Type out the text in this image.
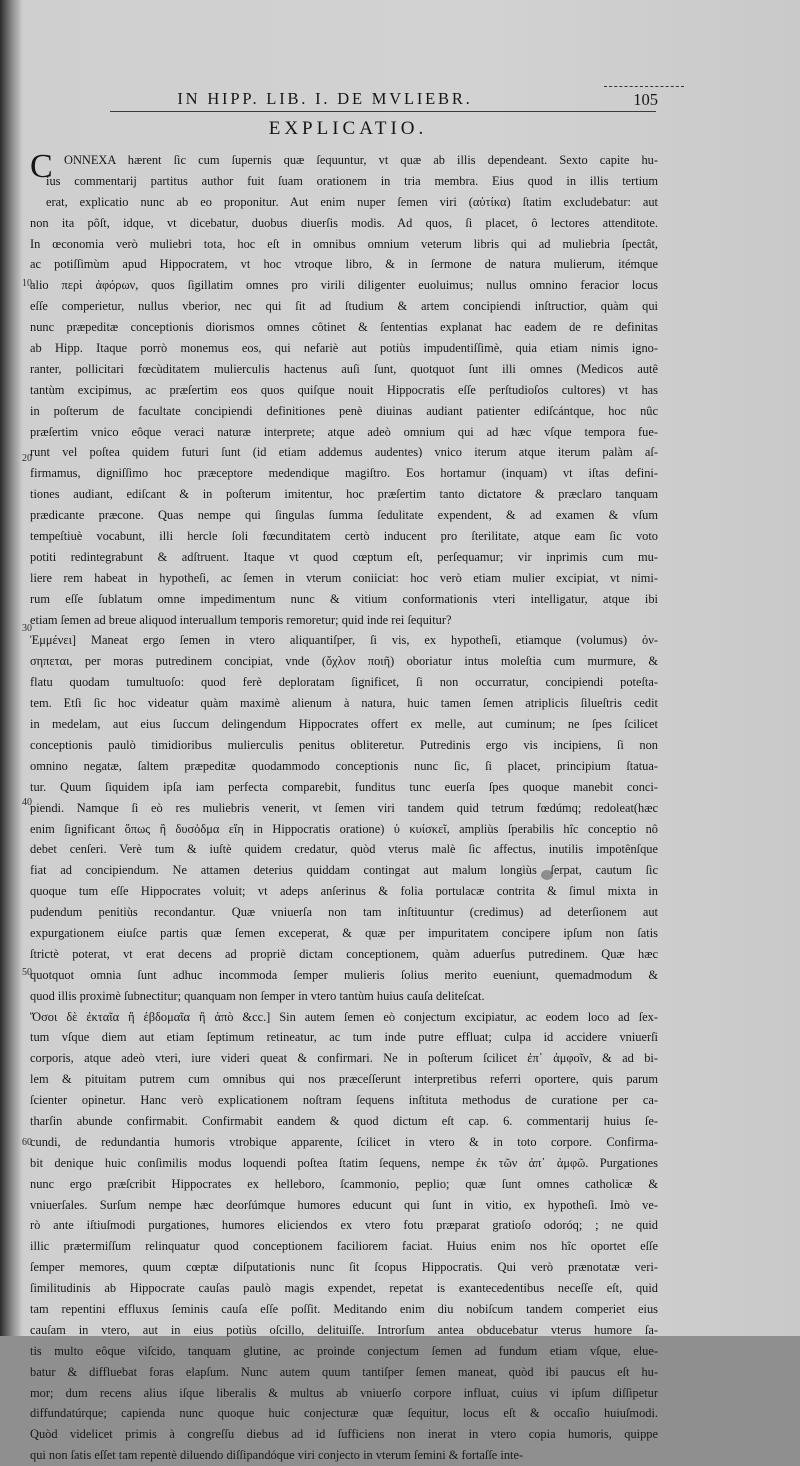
IN HIPP. LIB. I. DE MVLIEBR.	105
EXPLICATIO.
C
10
20
30
40
50
60
ONNEXA hærent ſic cum ſupernis quæ ſequuntur, vt quæ ab illis dependeant. Sexto capite hu-
ius commentarij partitus author fuit ſuam orationem in tria membra. Eius quod in illis tertium
erat, explicatio nunc ab eo proponitur. Aut enim nuper ſemen viri (αὐτίκα) ſtatim excludebatur: aut
non ita pôſt, idque, vt dicebatur, duobus diuerſis modis. Ad quos, ſi placet, ô lectores attenditote.
In œconomia verò muliebri tota, hoc eſt in omnibus omnium veterum libris qui ad muliebria ſpectât,
ac potiſſimùm apud Hippocratem, vt hoc vtroque libro, & in ſermone de natura mulierum, itémque
alio περὶ ἀφόρων, quos ſigillatim omnes pro virili diligenter euoluimus; nullus omnino feracior locus
eſſe comperietur, nullus vberior, nec qui ſit ad ſtudium & artem concipiendi inſtructior, quàm qui
nunc præpeditæ conceptionis diorismos omnes côtinet & ſententias explanat hac eadem de re definitas
ab Hipp. Itaque porrò monemus eos, qui nefariè aut potiùs impudentiſſimè, quia etiam nimis igno-
ranter, pollicitari fœcùditatem mulierculis hactenus auſi ſunt, quotquot ſunt illi omnes (Medicos autê
tantùm excipimus, ac præſertim eos quos quiſque nouit Hippocratis eſſe perſtudioſos cultores) vt has
in poſterum de facultate concipiendi definitiones penè diuinas audiant patienter ediſcántque, hoc nûc
præſertim vnico eôque veraci naturæ interprete; atque adeò omnium qui ad hæc vſque tempora fue-
runt vel poſtea quidem futuri ſunt (id etiam addemus audentes) vnico iterum atque iterum palàm aſ-
firmamus, digniſſimo hoc præceptore medendique magiſtro. Eos hortamur (inquam) vt iſtas defini-
tiones audiant, ediſcant & in poſterum imitentur, hoc præſertim tanto dictatore & præclaro tanquam
prædicante præcone. Quas nempe qui ſingulas ſumma ſedulitate expendent, & ad examen & vſum
tempeſtiuè vocabunt, illi hercle ſoli fœcunditatem certò inducent pro ſterilitate, atque eam ſic voto
potiti redintegrabunt & adſtruent. Itaque vt quod cœptum eſt, perſequamur; vir inprimis cum mu-
liere rem habeat in hypotheſi, ac ſemen in vterum coniiciat: hoc verò etiam mulier excipiat, vt nimi-
rum eſſe ſublatum omne impedimentum nunc & vitium conformationis vteri intelligatur, atque ibi
etiam ſemen ad breue aliquod interuallum temporis remoretur; quid inde rei ſequitur?
Ἐμμένει] Maneat ergo ſemen in vtero aliquantiſper, ſi vis, ex hypotheſi, etiamque (volumus) ὀν-
σηπεται, per moras putredinem concipiat, vnde (ὄχλον ποιῆ) oboriatur intus moleſtia cum murmure, &
flatu quodam tumultuoſo: quod ferè deploratam ſignificet, ſi non occurratur, concipiendi poteſta-
tem. Etſi ſic hoc videatur quàm maximè alienum à natura, huic tamen ſemen atriplicis ſilueſtris cedit
in medelam, aut eius ſuccum delingendum Hippocrates offert ex melle, aut cuminum; ne ſpes ſcilicet
conceptionis paulò timidioribus mulierculis penitus obliteretur. Putredinis ergo vis incipiens, ſi non
omnino negatæ, ſaltem præpeditæ quodammodo conceptionis nunc ſic, ſi placet, principium ſtatua-
tur. Quum ſiquidem ipſa iam perfecta comparebit, funditus tunc euerſa ſpes quoque manebit conci-
piendi. Namque ſi eò res muliebris venerit, vt ſemen viri tandem quid tetrum fœdúmq; redoleat(hæc
enim ſignificant ὅπως ἢ δυσὀδμα εἴη in Hippocratis oratione) ὑ κυίσκεῖ, ampliùs ſperabilis hîc conceptio nô
debet cenſeri. Verè tum & iuſtè quidem credatur, quòd vterus malè ſic affectus, inutilis impotênſque
fiat ad concipiendum. Ne attamen deterius quiddam contingat aut malum longiùs ſerpat, cautum ſic
quoque tum eſſe Hippocrates voluit; vt adeps anſerinus & folia portulacæ contrita & ſimul mixta in
pudendum penitiùs recondantur. Quæ vniuerſa non tam inſtituuntur (credimus) ad deterſionem aut
expurgationem eiuſce partis quæ ſemen exceperat, & quæ per impuritatem concipere ipſum non ſatis
ſtrictè poterat, vt erat decens ad propriè dictam conceptionem, quàm aduerſus putredinem. Quæ hæc
quotquot omnia ſunt adhuc incommoda ſemper mulieris ſolius merito eueniunt, quemadmodum &
quod illis proximè ſubnectitur; quanquam non ſemper in vtero tantùm huius cauſa deliteſcat.
Ὅσοι δὲ ἐκταῖα ἢ ἑβδομαῖα ἢ ἀπὸ &cc.] Sin autem ſemen eò conjectum excipiatur, ac eodem loco ad ſex-
tum vſque diem aut etiam ſeptimum retineatur, ac tum inde putre effluat; culpa id accidere vniuerſi
corporis, atque adeò vteri, iure videri queat & confirmari. Ne in poſterum ſcilicet ἐπ᾽ ἀμφοῖν, & ad bi-
lem & pituitam putrem cum omnibus qui nos præceſſerunt interpretibus referri oportere, quis parum
ſcienter opinetur. Hanc verò explicationem noſtram ſequens inſtituta methodus de curatione per ca-
tharſin abunde confirmabit. Confirmabit eandem & quod dictum eſt cap. 6. commentarij huius ſe-
cundi, de redundantia humoris vtrobique apparente, ſcilicet in vtero & in toto corpore. Confirma-
bit denique huic conſimilis modus loquendi poſtea ſtatim ſequens, nempe ἐκ τῶν ἀπ᾽ ἀμφῶ. Purgationes
nunc ergo præſcribit Hippocrates ex helleboro, ſcammonio, peplio; quæ ſunt omnes catholicæ &
vniuerſales. Surſum nempe hæc deorſúmque humores educunt qui ſunt in vitio, ex hypotheſi. Imò ve-
rò ante iſtiuſmodi purgationes, humores eliciendos ex vtero fotu præparat gratioſo odoróq; ; ne quid
illic prætermiſſum relinquatur quod conceptionem faciliorem faciat. Huius enim nos hîc oportet eſſe
ſemper memores, quum cœptæ diſputationis nunc ſit ſcopus Hippocratis. Qui verò prænotatæ veri-
ſimilitudinis ab Hippocrate cauſas paulò magis expendet, repetat is exantecedentibus neceſſe eſt, quid
tam repentini effluxus ſeminis cauſa eſſe poſſit. Meditando enim diu nobiſcum tandem comperiet eius
cauſam in vtero, aut in eius potiùs oſcillo, delituiſſe. Introrſum antea obducebatur vterus humore ſa-
tis multo eôque viſcido, tanquam glutine, ac proinde conjectum ſemen ad fundum etiam vſque, elue-
batur & diffluebat foras elapſum. Nunc autem quum tantiſper ſemen maneat, quòd ibi paucus eſt hu-
mor; dum recens alius iſque liberalis & multus ab vniuerſo corpore influat, cuius vi ipſum diſſipetur
diffundatúrque; capienda nunc quoque huic conjecturæ quæ ſequitur, locus eſt & occaſio huiuſmodi.
Quòd videlicet primis à congreſſu diebus ad id ſufficiens non inerat in vtero copia humoris, quippe
qui non ſatis eſſet tam repentè diluendo diſſipandóque viri conjecto in vterum ſemini & fortaſſe inte-
